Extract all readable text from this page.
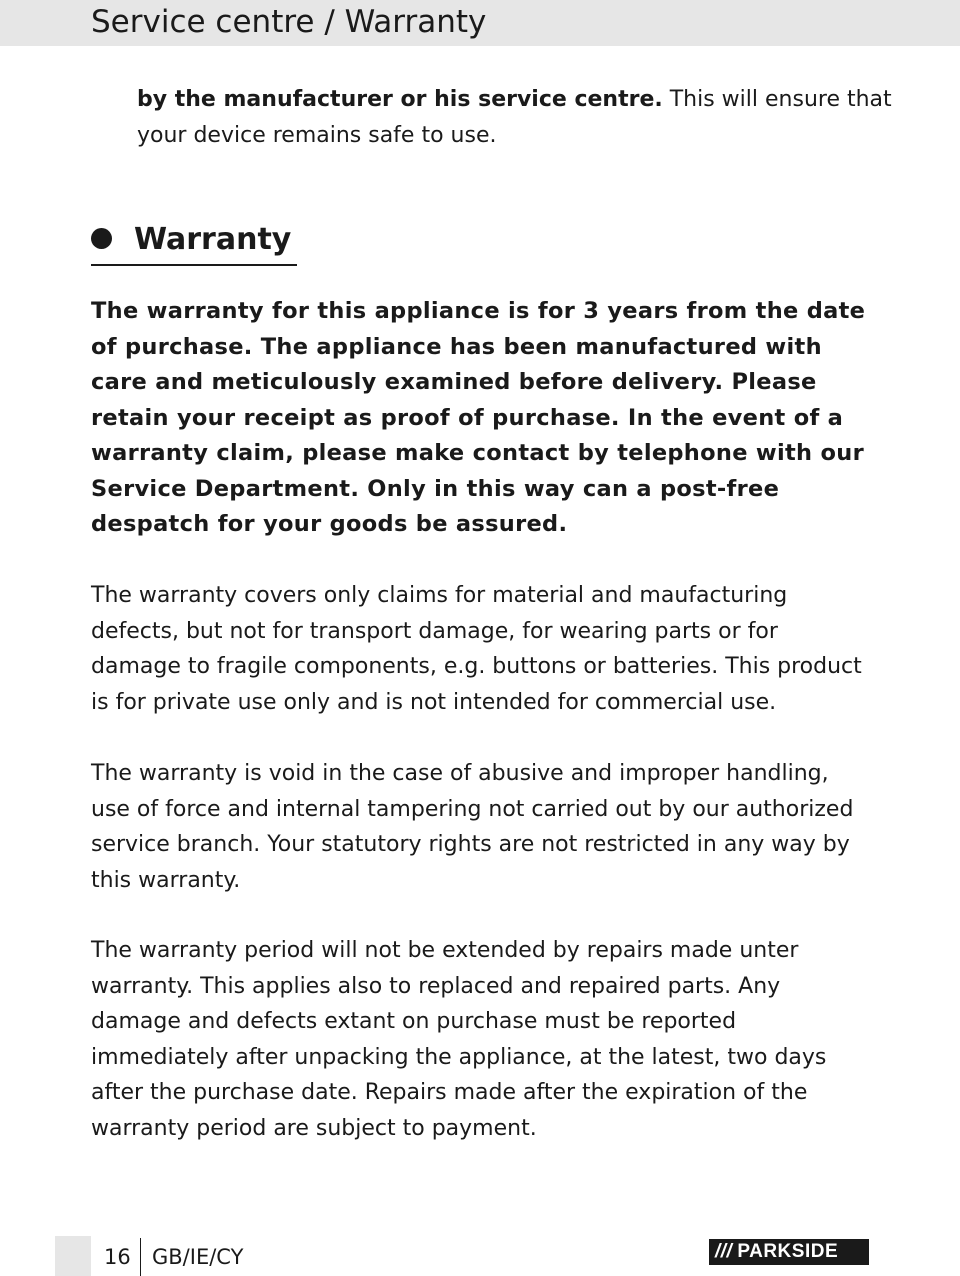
Service centre / Warranty
by the manufacturer or his service centre. This will ensure that your device remains safe to use.
Warranty

The warranty for this appliance is for 3 years from the date of purchase. The appliance has been manufactured with care and meticulously examined before delivery. Please retain your receipt as proof of purchase. In the event of a warranty claim, please make contact by telephone with our Service Department. Only in this way can a post-free despatch for your goods be assured.

The warranty covers only claims for material and maufacturing defects, but not for transport damage, for wearing parts or for damage to fragile components, e.g. buttons or batteries. This product is for private use only and is not intended for commercial use.

The warranty is void in the case of abusive and improper handling, use of force and internal tampering not carried out by our authorized service branch. Your statutory rights are not restricted in any way by this warranty.

The warranty period will not be extended by repairs made unter warranty. This applies also to replaced and repaired parts. Any damage and defects extant on purchase must be reported immediately after unpacking the appliance, at the latest, two days after the purchase date. Repairs made after the expiration of the warranty period are subject to payment.

16 GB/IE/CY	/// PARKSIDE
